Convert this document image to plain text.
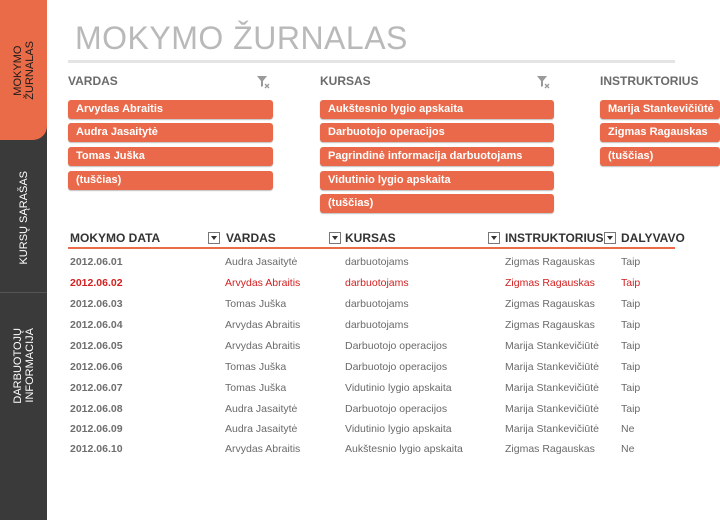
MOKYMO ŽURNALAS
KURSŲ SĄRAŠAS
DARBUOTOJŲ INFORMACIJA
MOKYMO ŽURNALAS
VARDAS
Arvydas Abraitis
Audra Jasaitytė
Tomas Juška
(tuščias)
KURSAS
Aukštesnio lygio apskaita
Darbuotojo operacijos
Pagrindinė informacija darbuotojams
Vidutinio lygio apskaita
(tuščias)
INSTRUKTORIUS
Marija Stankevičiūtė
Zigmas Ragauskas
(tuščias)
MOKYMO DATA	VARDAS	KURSAS	INSTRUKTORIUS DALYVAVO
2012.06.01	Audra Jasaitytė	darbuotojams	Zigmas Ragauskas Taip
2012.06.02	Arvydas Abraitis	darbuotojams	Zigmas Ragauskas Taip
2012.06.03	Tomas Juška	darbuotojams	Zigmas Ragauskas Taip
2012.06.04	Arvydas Abraitis	darbuotojams	Zigmas Ragauskas Taip
2012.06.05	Arvydas Abraitis	Darbuotojo operacijos	Marija Stankevičiūtė Taip
2012.06.06	Tomas Juška	Darbuotojo operacijos	Marija Stankevičiūtė Taip
2012.06.07	Tomas Juška	Vidutinio lygio apskaita	Marija Stankevičiūtė Taip
2012.06.08	Audra Jasaitytė	Darbuotojo operacijos	Marija Stankevičiūtė Taip
2012.06.09	Audra Jasaitytė	Vidutinio lygio apskaita	Marija Stankevičiūtė Ne
2012.06.10	Arvydas Abraitis	Aukštesnio lygio apskaita	Zigmas Ragauskas Ne
